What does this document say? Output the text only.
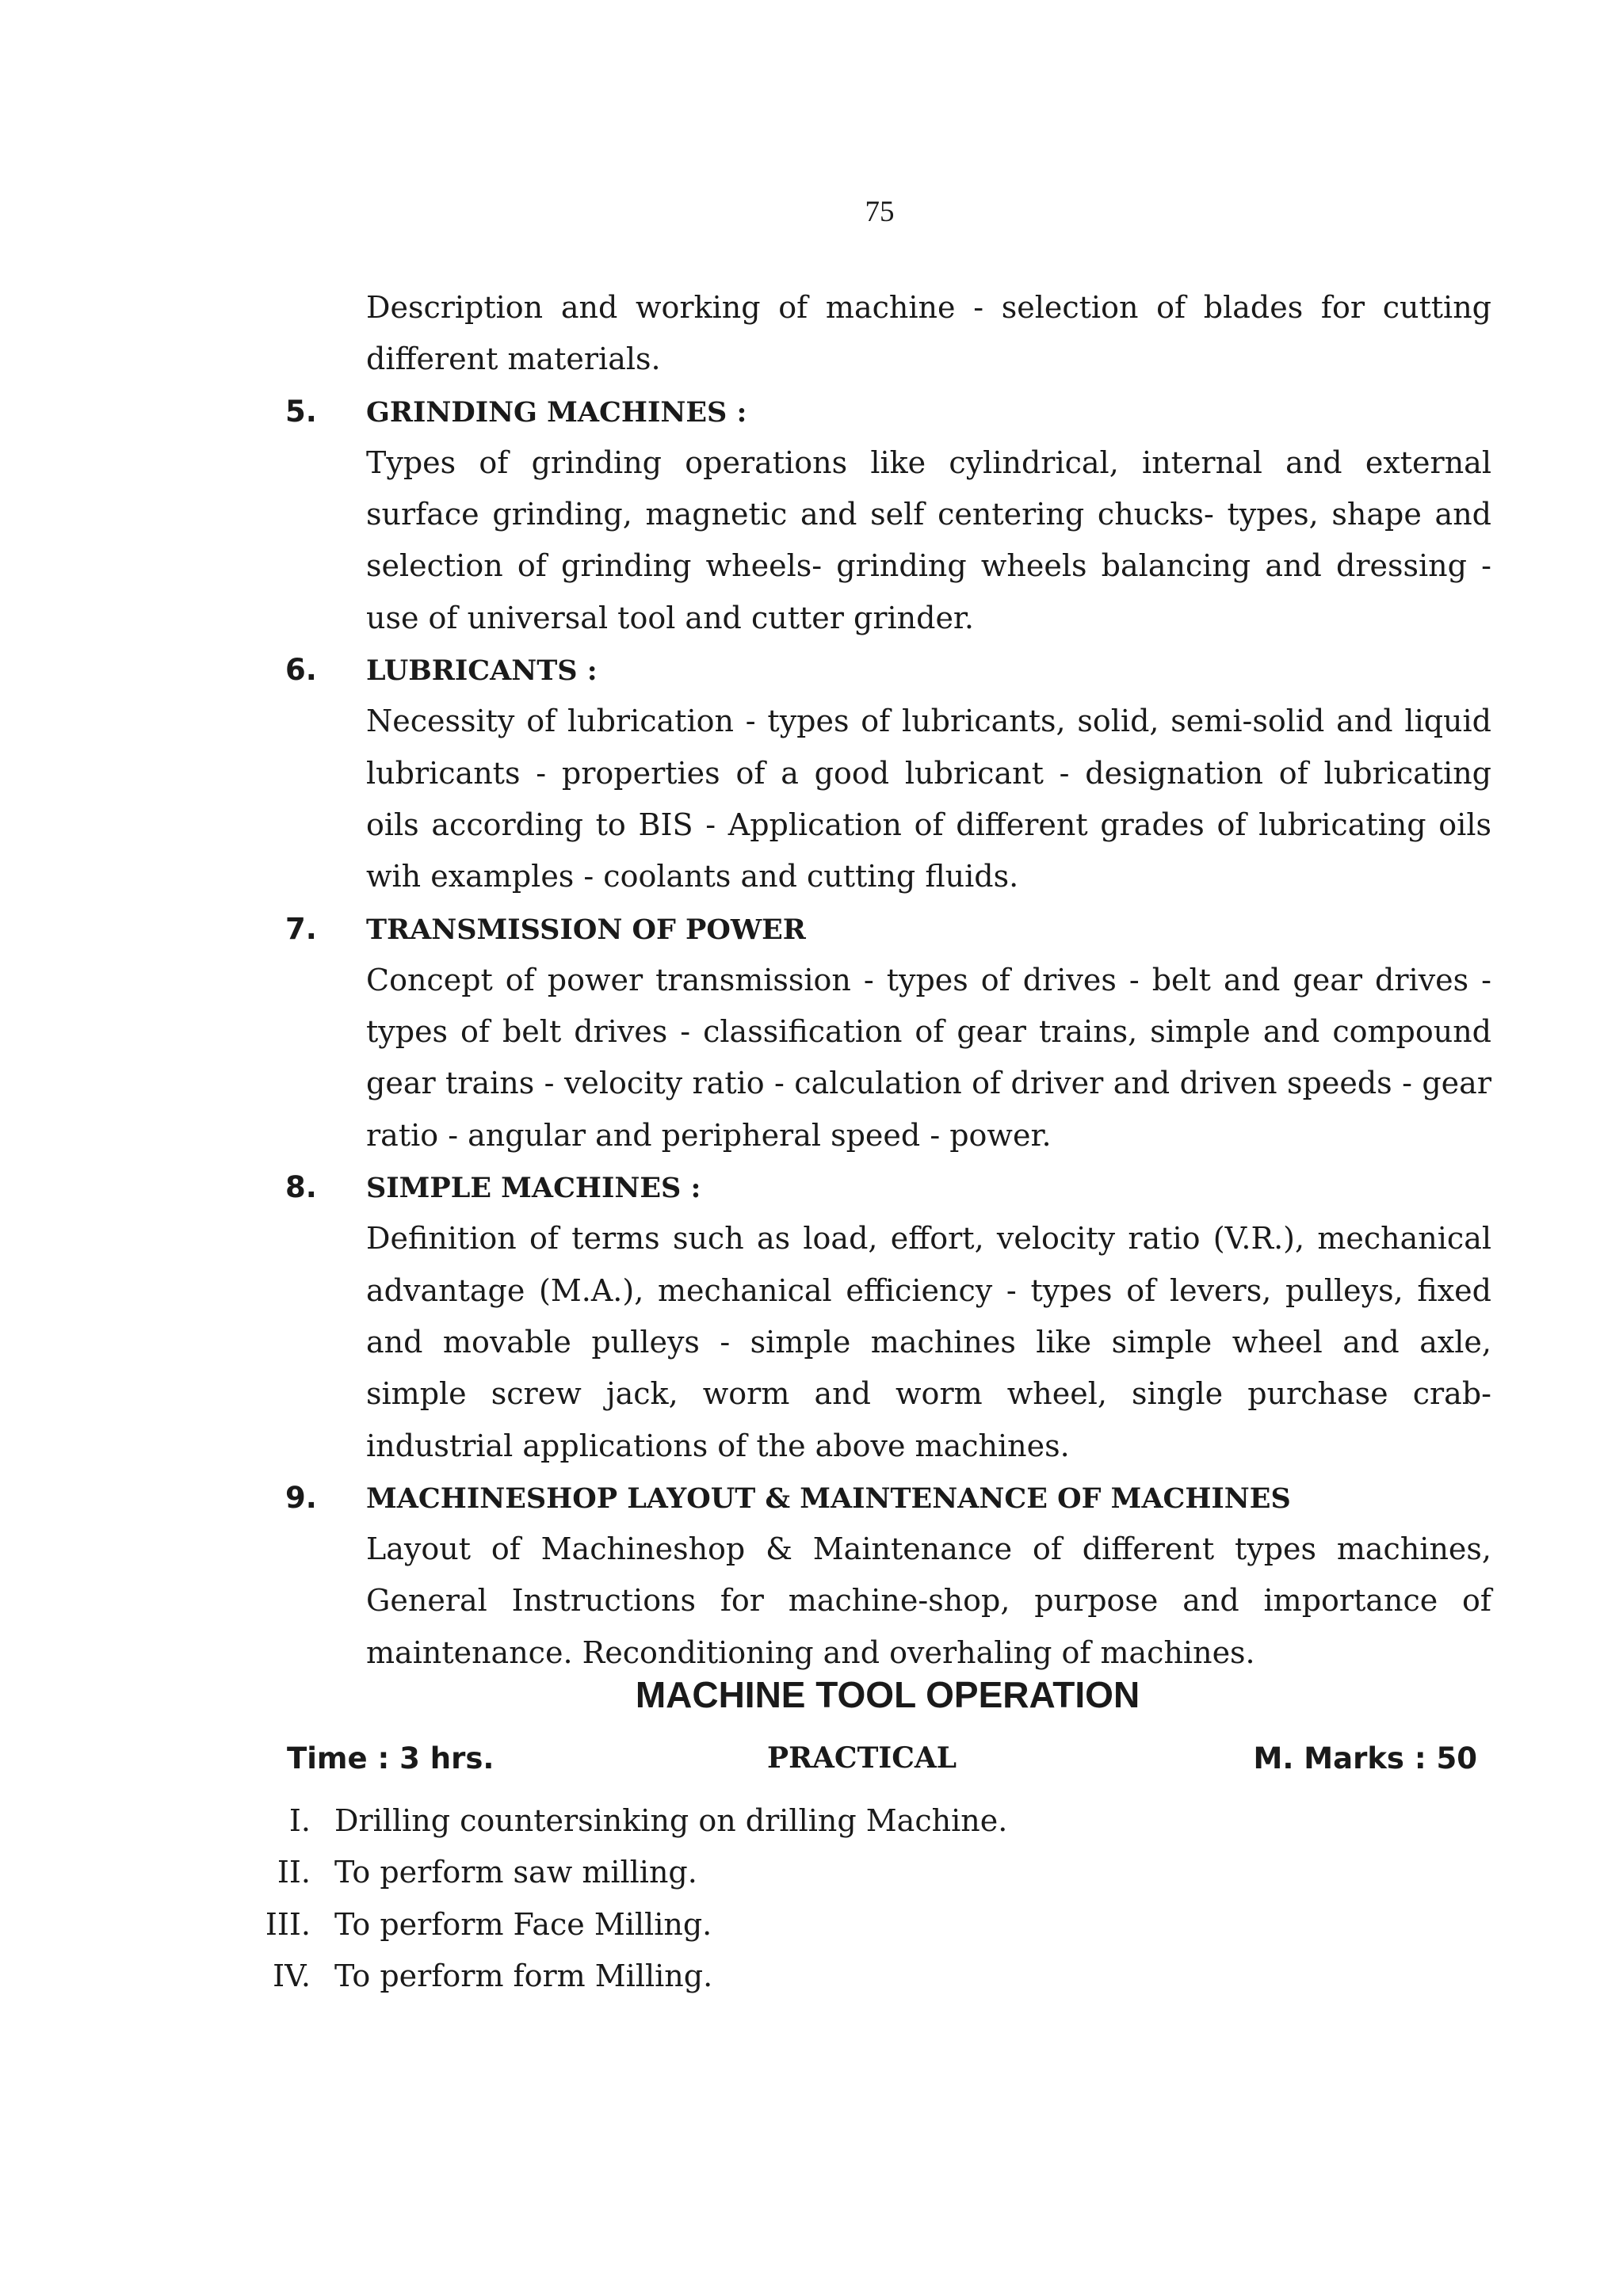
75

Description and working of machine - selection of blades for cutting different materials.

5.	GRINDING MACHINES :

Types of grinding operations like cylindrical, internal and external surface grinding, magnetic and self centering chucks- types, shape and selection of grinding wheels- grinding wheels balancing and dressing - use of universal tool and cutter grinder.

6.	LUBRICANTS :

Necessity of lubrication - types of lubricants, solid, semi-solid and liquid lubricants - properties of a good lubricant - designation of lubricating oils according to BIS - Application of different grades of lubricating oils wih examples - coolants and cutting fluids.

7.	TRANSMISSION OF POWER

Concept of power transmission - types of drives - belt and gear drives - types of belt drives - classification of gear trains, simple and compound gear trains - velocity ratio - calculation of driver and driven speeds - gear ratio - angular and peripheral speed - power.

8.	SIMPLE MACHINES :

Definition of terms such as load, effort, velocity ratio (V.R.), mechanical advantage (M.A.), mechanical efficiency - types of levers, pulleys, fixed and movable pulleys - simple machines like simple wheel and axle, simple screw jack, worm and worm wheel, single purchase crab-industrial applications of the above machines.

9.	MACHINESHOP LAYOUT & MAINTENANCE OF MACHINES

Layout of Machineshop & Maintenance of different types machines, General Instructions for machine-shop, purpose and importance of maintenance. Reconditioning and overhaling of machines.

MACHINE TOOL OPERATION
Time : 3 hrs.	PRACTICAL	M. Marks : 50
I. Drilling countersinking on drilling Machine.
II. To perform saw milling.
III. To perform Face Milling.
IV. To perform form Milling.
